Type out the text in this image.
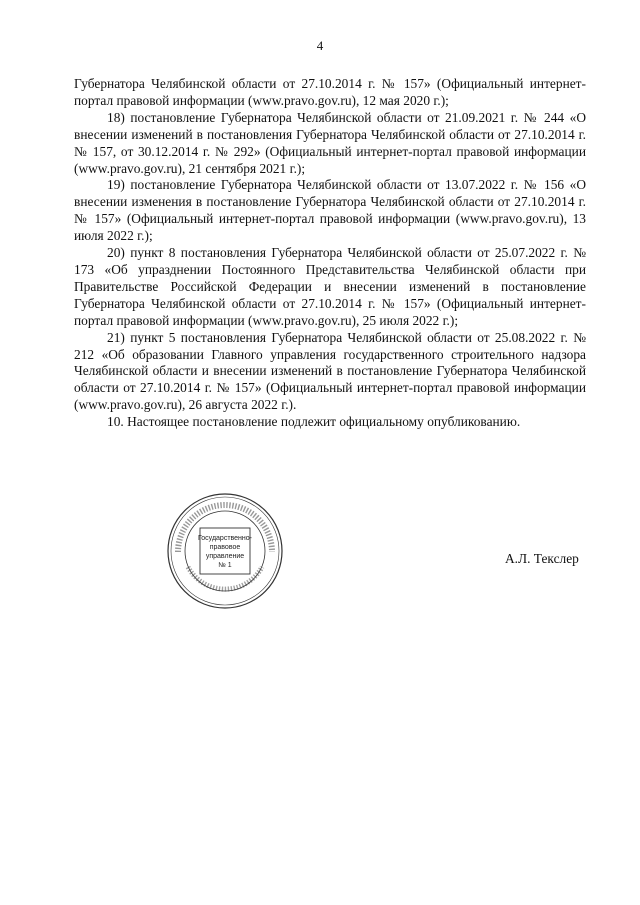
4

Губернатора Челябинской области от 27.10.2014 г. № 157» (Официальный интернет-портал правовой информации (www.pravo.gov.ru), 12 мая 2020 г.);

18) постановление Губернатора Челябинской области от 21.09.2021 г. № 244 «О внесении изменений в постановления Губернатора Челябинской области от 27.10.2014 г. № 157, от 30.12.2014 г. № 292» (Официальный интернет-портал правовой информации (www.pravo.gov.ru), 21 сентября 2021 г.);

19) постановление Губернатора Челябинской области от 13.07.2022 г. № 156 «О внесении изменения в постановление Губернатора Челябинской области от 27.10.2014 г. № 157» (Официальный интернет-портал правовой информации (www.pravo.gov.ru), 13 июля 2022 г.);

20) пункт 8 постановления Губернатора Челябинской области от 25.07.2022 г. № 173 «Об упразднении Постоянного Представительства Челябинской области при Правительстве Российской Федерации и внесении изменений в постановление Губернатора Челябинской области от 27.10.2014 г. № 157» (Официальный интернет-портал правовой информации (www.pravo.gov.ru), 25 июля 2022 г.);

21) пункт 5 постановления Губернатора Челябинской области от 25.08.2022 г. № 212 «Об образовании Главного управления государственного строительного надзора Челябинской области и внесении изменений в постановление Губернатора Челябинской области от 27.10.2014 г. № 157» (Официальный интернет-портал правовой информации (www.pravo.gov.ru), 26 августа 2022 г.).

10. Настоящее постановление подлежит официальному опубликованию.

Государственно-
правовое
управление
№ 1	А.Л. Текслер
